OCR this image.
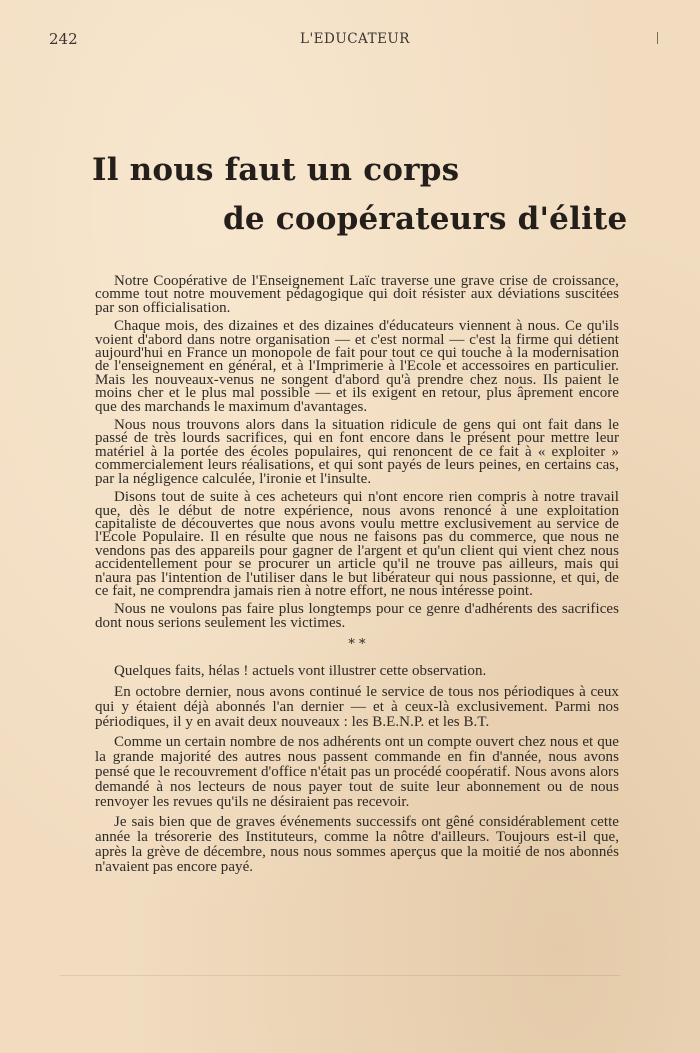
242	L'EDUCATEUR
Il nous faut un corps
de coopérateurs d'élite

Notre Coopérative de l'Enseignement Laïc traverse une grave crise de croissance, comme tout notre mouvement pédagogique qui doit résister aux déviations suscitées par son officialisation.

Chaque mois, des dizaines et des dizaines d'éducateurs viennent à nous. Ce qu'ils voient d'abord dans notre organisation — et c'est normal — c'est la firme qui détient aujourd'hui en France un monopole de fait pour tout ce qui touche à la modernisation de l'enseignement en général, et à l'Imprimerie à l'Ecole et accessoires en particulier. Mais les nouveaux-venus ne songent d'abord qu'à prendre chez nous. Ils paient le moins cher et le plus mal possible — et ils exigent en retour, plus âprement encore que des marchands le maximum d'avantages.

Nous nous trouvons alors dans la situation ridicule de gens qui ont fait dans le passé de très lourds sacrifices, qui en font encore dans le présent pour mettre leur matériel à la portée des écoles populaires, qui renoncent de ce fait à « exploiter » commercialement leurs réalisations, et qui sont payés de leurs peines, en certains cas, par la négligence calculée, l'ironie et l'insulte.

Disons tout de suite à ces acheteurs qui n'ont encore rien compris à notre travail que, dès le début de notre expérience, nous avons renoncé à une exploitation capitaliste de découvertes que nous avons voulu mettre exclusivement au service de l'Ecole Populaire. Il en résulte que nous ne faisons pas du commerce, que nous ne vendons pas des appareils pour gagner de l'argent et qu'un client qui vient chez nous accidentellement pour se procurer un article qu'il ne trouve pas ailleurs, mais qui n'aura pas l'intention de l'utiliser dans le but libérateur qui nous passionne, et qui, de ce fait, ne comprendra jamais rien à notre effort, ne nous intéresse point.

Nous ne voulons pas faire plus longtemps pour ce genre d'adhérents des sacrifices dont nous serions seulement les victimes.

* *

Quelques faits, hélas ! actuels vont illustrer cette observation.

En octobre dernier, nous avons continué le service de tous nos périodiques à ceux qui y étaient déjà abonnés l'an dernier — et à ceux-là exclusivement. Parmi nos périodiques, il y en avait deux nouveaux : les B.E.N.P. et les B.T.

Comme un certain nombre de nos adhérents ont un compte ouvert chez nous et que la grande majorité des autres nous passent commande en fin d'année, nous avons pensé que le recouvrement d'office n'était pas un procédé coopératif. Nous avons alors demandé à nos lecteurs de nous payer tout de suite leur abonnement ou de nous renvoyer les revues qu'ils ne désiraient pas recevoir.

Je sais bien que de graves événements successifs ont gêné considérablement cette année la trésorerie des Instituteurs, comme la nôtre d'ailleurs. Toujours est-il que, après la grève de décembre, nous nous sommes aperçus que la moitié de nos abonnés n'avaient pas encore payé.
